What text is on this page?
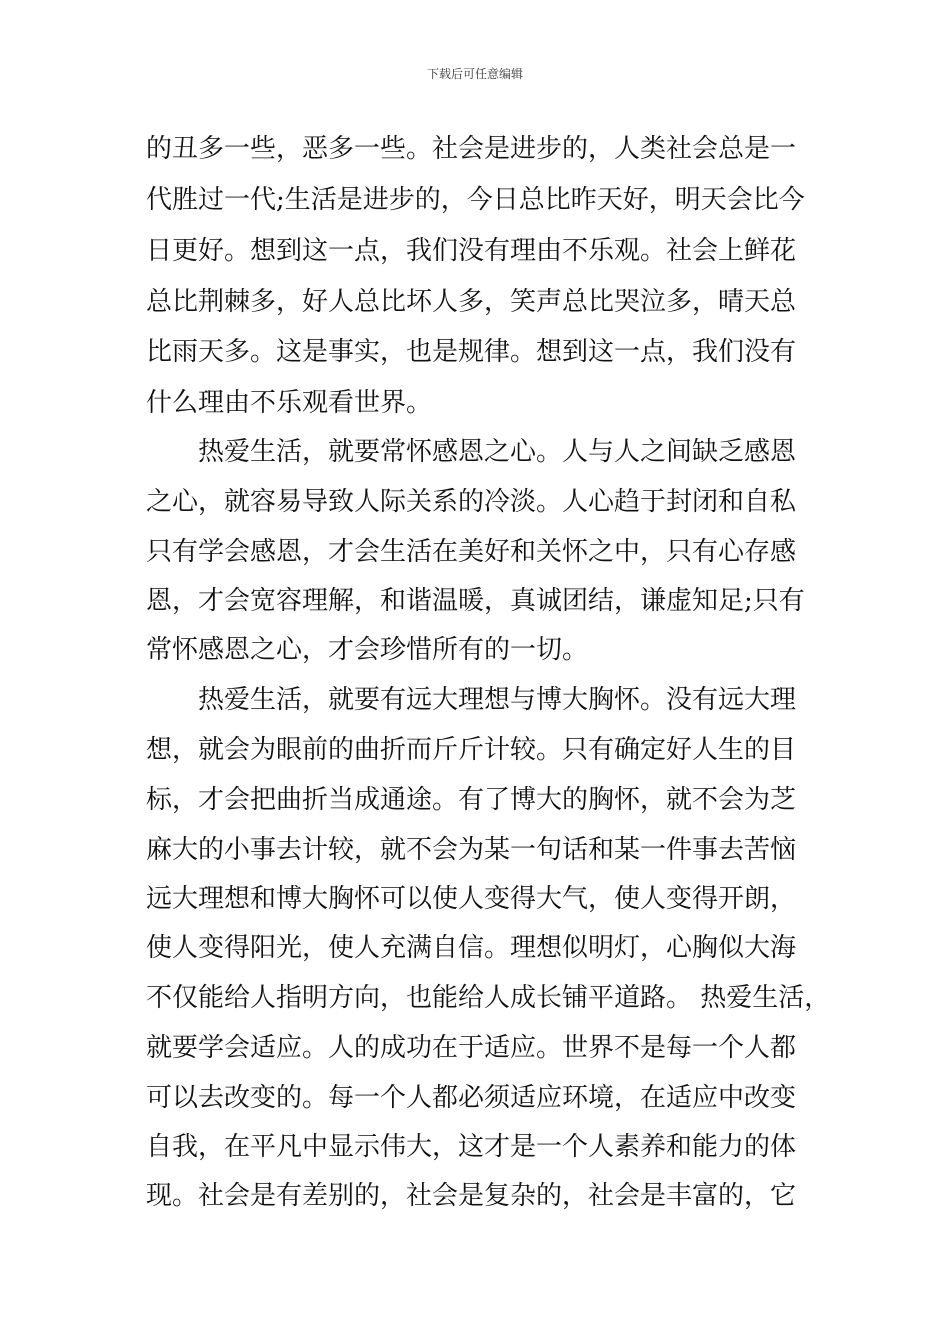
下载后可任意编辑
的丑多一些，恶多一些。社会是进步的，人类社会总是一
代胜过一代;生活是进步的，今日总比昨天好，明天会比今
日更好。想到这一点，我们没有理由不乐观。社会上鲜花
总比荆棘多，好人总比坏人多，笑声总比哭泣多，晴天总
比雨天多。这是事实，也是规律。想到这一点，我们没有
什么理由不乐观看世界。
热爱生活，就要常怀感恩之心。人与人之间缺乏感恩
之心，就容易导致人际关系的冷淡。人心趋于封闭和自私
只有学会感恩，才会生活在美好和关怀之中，只有心存感
恩，才会宽容理解，和谐温暖，真诚团结，谦虚知足;只有
常怀感恩之心，才会珍惜所有的一切。
热爱生活，就要有远大理想与博大胸怀。没有远大理
想，就会为眼前的曲折而斤斤计较。只有确定好人生的目
标，才会把曲折当成通途。有了博大的胸怀，就不会为芝
麻大的小事去计较，就不会为某一句话和某一件事去苦恼
远大理想和博大胸怀可以使人变得大气，使人变得开朗，
使人变得阳光，使人充满自信。理想似明灯，心胸似大海
不仅能给人指明方向，也能给人成长铺平道路。 热爱生活，
就要学会适应。人的成功在于适应。世界不是每一个人都
可以去改变的。每一个人都必须适应环境，在适应中改变
自我，在平凡中显示伟大，这才是一个人素养和能力的体
现。社会是有差别的，社会是复杂的，社会是丰富的，它
